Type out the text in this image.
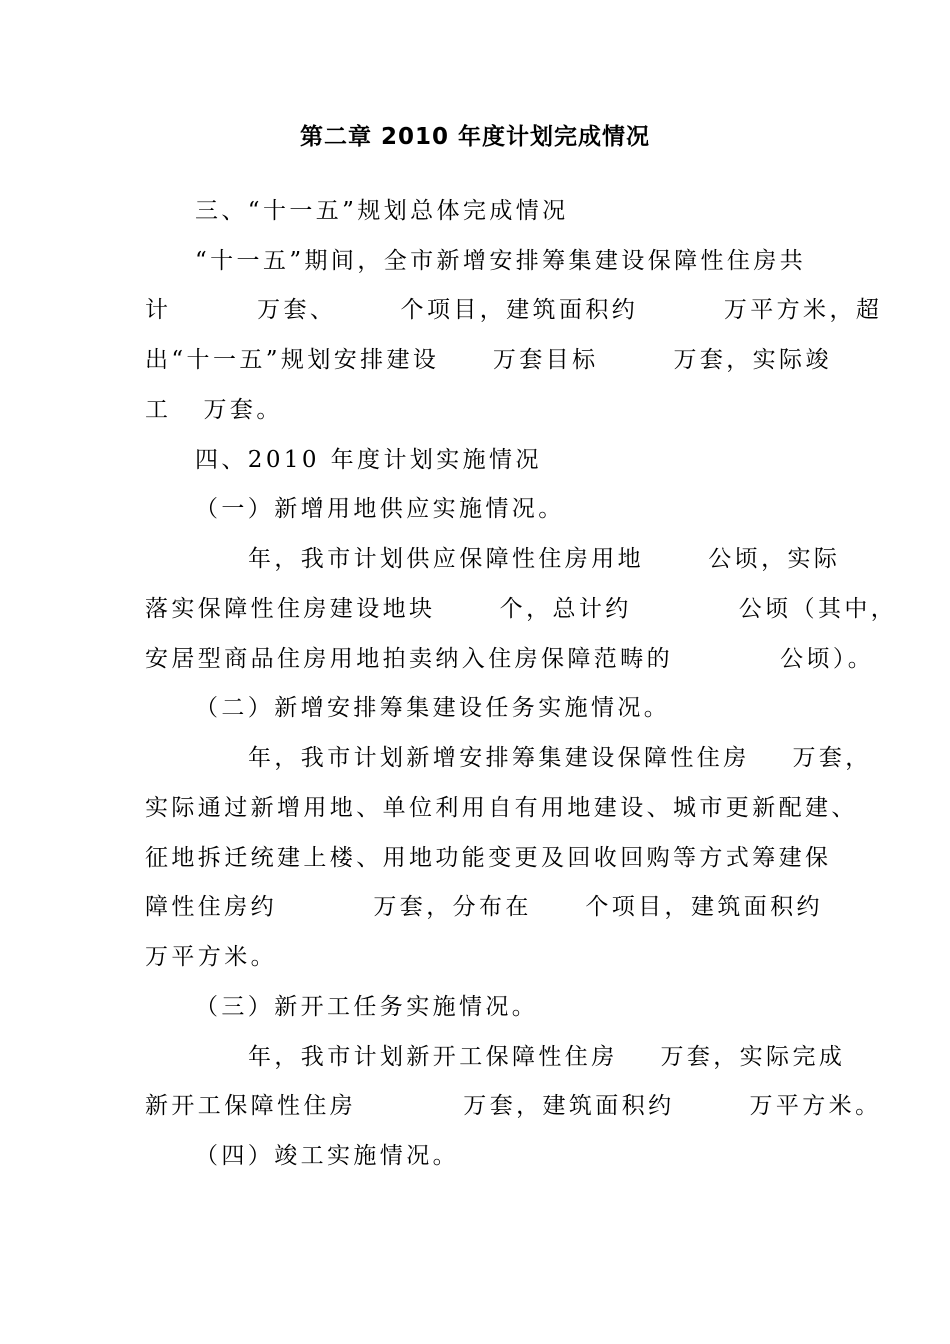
第二章 2010 年度计划完成情况
三、“十一五”规划总体完成情况
“十一五”期间，全市新增安排筹集建设保障性住房共
计        万套、      个项目，建筑面积约        万平方米，超
出“十一五”规划安排建设     万套目标       万套，实际竣
工   万套。
四、2010 年度计划实施情况
（一）新增用地供应实施情况。
年，我市计划供应保障性住房用地      公顷，实际
落实保障性住房建设地块      个，总计约          公顷（其中，
安居型商品住房用地拍卖纳入住房保障范畴的          公顷）。
（二）新增安排筹集建设任务实施情况。
年，我市计划新增安排筹集建设保障性住房    万套，
实际通过新增用地、单位利用自有用地建设、城市更新配建、
征地拆迁统建上楼、用地功能变更及回收回购等方式筹建保
障性住房约         万套，分布在     个项目，建筑面积约
万平方米。
（三）新开工任务实施情况。
年，我市计划新开工保障性住房    万套，实际完成
新开工保障性住房          万套，建筑面积约       万平方米。
（四）竣工实施情况。
